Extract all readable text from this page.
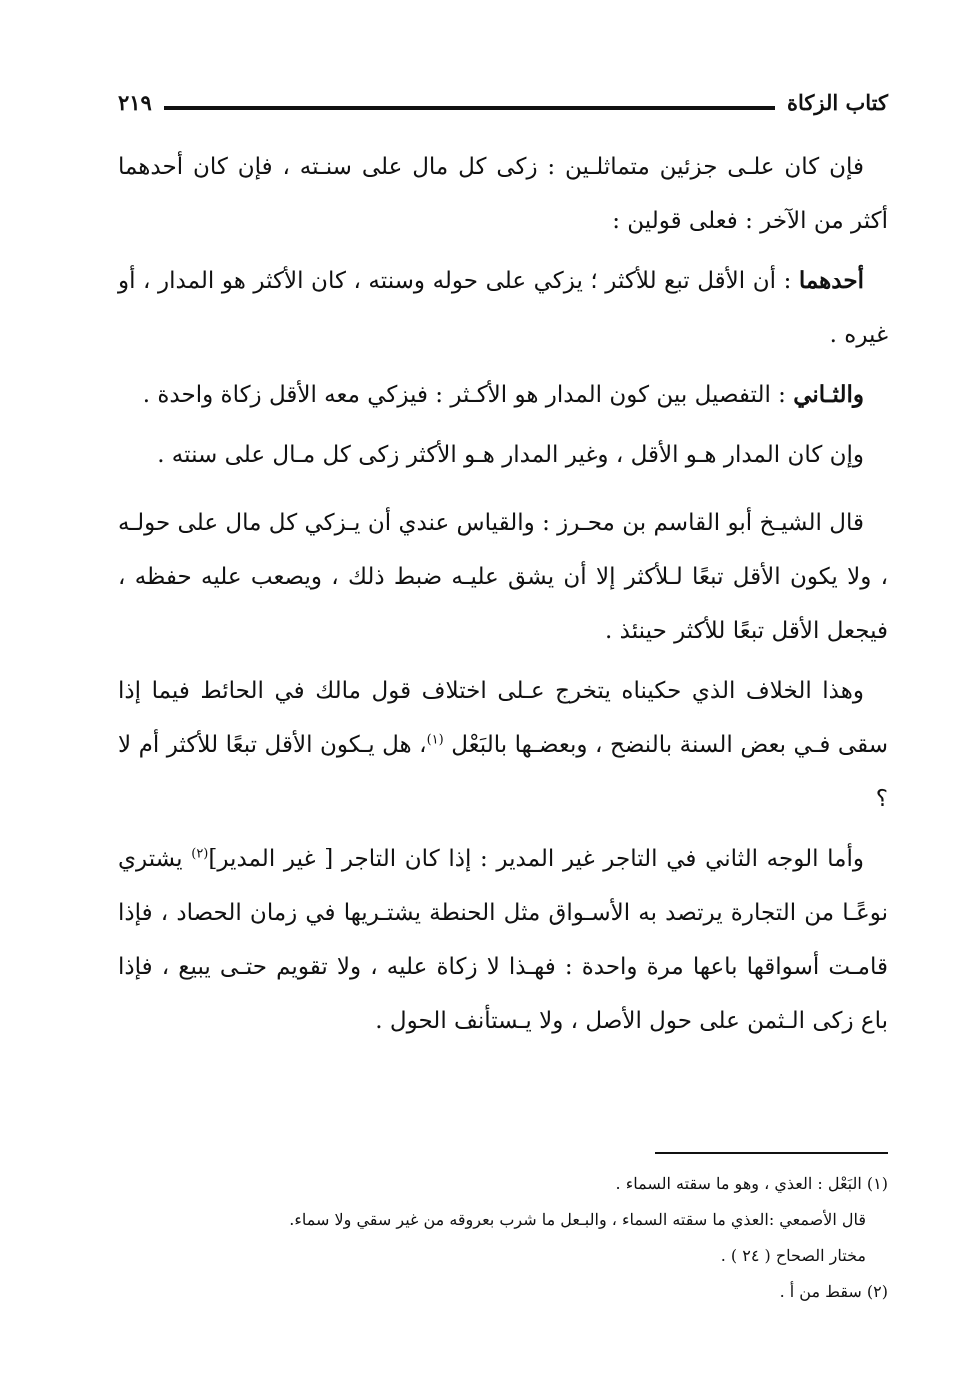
كتاب الزكاة
٢١٩

فإن كان علـى جزئين متماثلـين : زكى كل مال على سنـته ، فإن كان أحدهما أكثر من الآخر : فعلى قولين :

أحدهما : أن الأقل تبع للأكثر ؛ يزكي على حوله وسنته ، كان الأكثر هو المدار ، أو غيره .

والثـاني : التفصيل بين كون المدار هو الأكـثر : فيزكي معه الأقل زكاة واحدة .

وإن كان المدار هـو الأقل ، وغير المدار هـو الأكثر زكى كل مـال على سنته .

قال الشيـخ أبو القاسم بن محـرز : والقياس عندي أن يـزكي كل مال على حولـه ، ولا يكون الأقل تبعًا لـلأكثر إلا أن يشق عليـه ضبط ذلك ، ويصعب عليه حفظه ، فيجعل الأقل تبعًا للأكثر حينئذ .

وهذا الخلاف الذي حكيناه يتخرج عـلى اختلاف قول مالك في الحائط فيما إذا سقى فـي بعض السنة بالنضح ، وبعضـها بالبَعْل $^{(١)}$، هل يـكون الأقل تبعًا للأكثر أم لا ؟

وأما الوجه الثاني في التاجر غير المدير : إذا كان التاجر [ غير المدير]$^{(٢)}$ يشتري نوعًـا من التجارة يرتصد به الأسـواق مثل الحنطة يشتـريها في زمان الحصاد ، فإذا قامـت أسواقها باعها مرة واحدة : فهـذا لا زكاة عليه ، ولا تقويم حتـى يبيع ، فإذا باع زكى الـثمن على حول الأصل ، ولا يـستأنف الحول .

(١) البَعْل : العذي ، وهو ما سقته السماء .

قال الأصمعي :العذي ما سقته السماء ، والبـعل ما شرب بعروقه من غير سقي ولا سماء.

مختار الصحاح ( ٢٤ ) .

(٢) سقط من أ .
